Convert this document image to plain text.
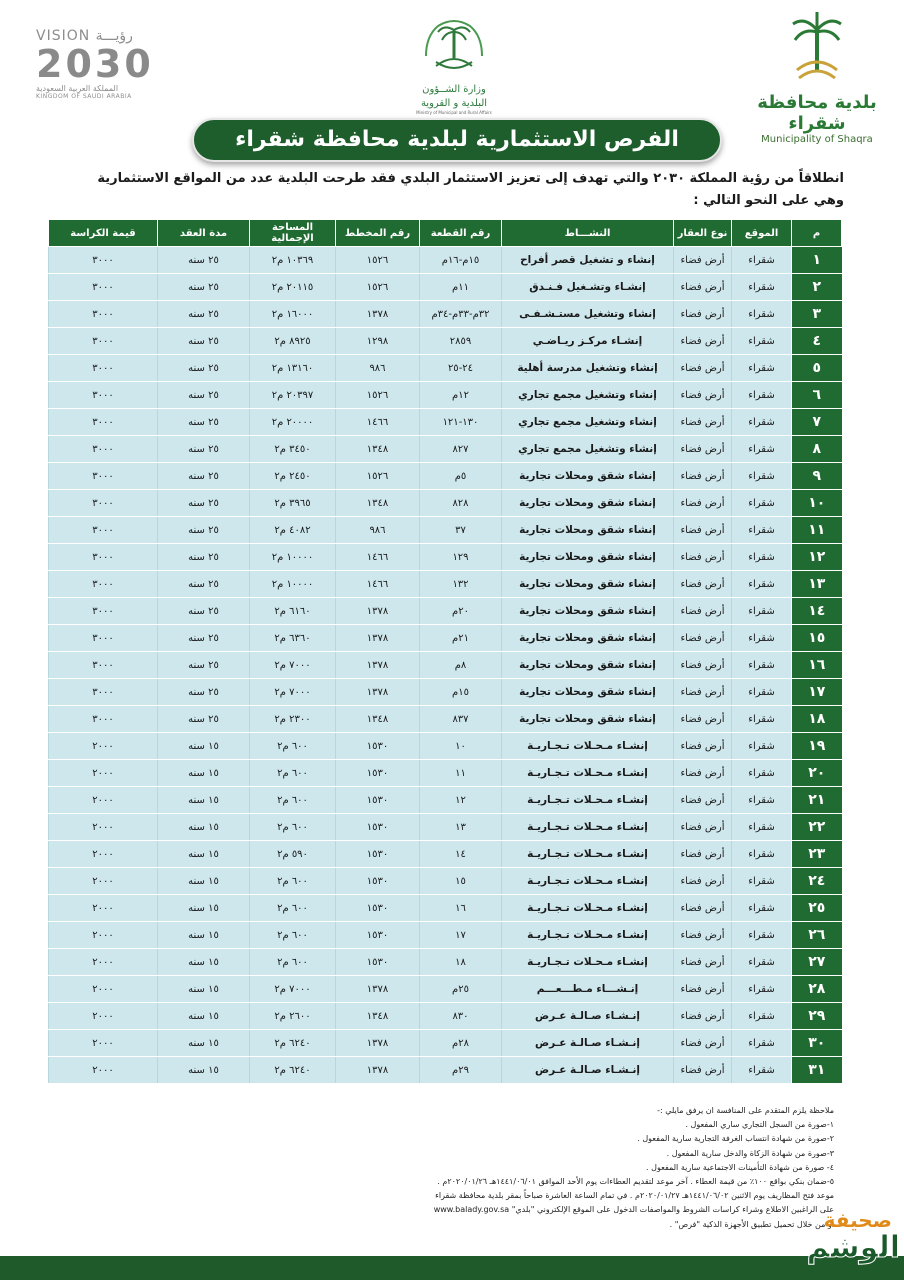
VISION رؤيـــة
2030
المملكة العربية السعودية
KINGDOM OF SAUDI ARABIA
وزارة الشــؤون
البلدية و القروية
Ministry of Municipal and Rural Affairs	بلدية محافظة شقراء
Municipality of Shaqra
الفرص الاستثمارية لبلدية محافظة شقراء
انطلاقاً من رؤية المملكة ٢٠٣٠ والتي تهدف إلى تعزيز الاستثمار البلدي فقد طرحت البلدية عدد من المواقع الاستثمارية
وهي على النحو التالي :
م	الموقع	نوع العقار	النشـــاط	رقم القطعة	رقم المخطط	المساحة الإجمالية	مدة العقد	قيمة الكراسة
١	شقراء	أرض فضاء	إنشاء و تشغيل قصر أفراح	١٥م-١٦م	١٥٢٦	١٠٣٦٩ م٢	٢٥ سنه	٣٠٠٠
٢	شقراء	أرض فضاء	إنشـاء وتشـغيل فـنـدق	١١م	١٥٢٦	٢٠١١٥ م٢	٢٥ سنه	٣٠٠٠
٣	شقراء	أرض فضاء	إنشاء وتشغيل مستـشـفـى	٣٢م-٣٣م-٣٤م	١٣٧٨	١٦٠٠٠ م٢	٢٥ سنه	٣٠٠٠
٤	شقراء	أرض فضاء	إنشـاء مركـز ريـاضـي	٢٨٥٩	١٢٩٨	٨٩٢٥ م٢	٢٥ سنه	٣٠٠٠
٥	شقراء	أرض فضاء	إنشاء وتشغيل مدرسة أهلية	٢٤-٢٥	٩٨٦	١٣١٦٠ م٢	٢٥ سنه	٣٠٠٠
٦	شقراء	أرض فضاء	إنشاء وتشغيل مجمع تجاري	١٢م	١٥٢٦	٢٠٣٩٧ م٢	٢٥ سنه	٣٠٠٠
٧	شقراء	أرض فضاء	إنشاء وتشغيل مجمع تجاري	١٣٠-١٢١	١٤٦٦	٢٠٠٠٠ م٢	٢٥ سنه	٣٠٠٠
٨	شقراء	أرض فضاء	إنشاء وتشغيل مجمع تجاري	٨٢٧	١٣٤٨	٣٤٥٠ م٢	٢٥ سنه	٣٠٠٠
٩	شقراء	أرض فضاء	إنشاء شقق ومحلات تجارية	٥م	١٥٢٦	٢٤٥٠ م٢	٢٥ سنه	٣٠٠٠
١٠	شقراء	أرض فضاء	إنشاء شقق ومحلات تجارية	٨٢٨	١٣٤٨	٣٩٦٥ م٢	٢٥ سنه	٣٠٠٠
١١	شقراء	أرض فضاء	إنشاء شقق ومحلات تجارية	٣٧	٩٨٦	٤٠٨٢ م٢	٢٥ سنه	٣٠٠٠
١٢	شقراء	أرض فضاء	إنشاء شقق ومحلات تجارية	١٢٩	١٤٦٦	١٠٠٠٠ م٢	٢٥ سنه	٣٠٠٠
١٣	شقراء	أرض فضاء	إنشاء شقق ومحلات تجارية	١٣٢	١٤٦٦	١٠٠٠٠ م٢	٢٥ سنه	٣٠٠٠
١٤	شقراء	أرض فضاء	إنشاء شقق ومحلات تجارية	٢٠م	١٣٧٨	٦١٦٠ م٢	٢٥ سنه	٣٠٠٠
١٥	شقراء	أرض فضاء	إنشاء شقق ومحلات تجارية	٢١م	١٣٧٨	٦٣٦٠ م٢	٢٥ سنه	٣٠٠٠
١٦	شقراء	أرض فضاء	إنشاء شقق ومحلات تجارية	٨م	١٣٧٨	٧٠٠٠ م٢	٢٥ سنه	٣٠٠٠
١٧	شقراء	أرض فضاء	إنشاء شقق ومحلات تجارية	١٥م	١٣٧٨	٧٠٠٠ م٢	٢٥ سنه	٣٠٠٠
١٨	شقراء	أرض فضاء	إنشاء شقق ومحلات تجارية	٨٣٧	١٣٤٨	٢٣٠٠ م٢	٢٥ سنه	٣٠٠٠
١٩	شقراء	أرض فضاء	إنشـاء مـحـلات تـجـاريـة	١٠	١٥٣٠	٦٠٠ م٢	١٥ سنه	٢٠٠٠
٢٠	شقراء	أرض فضاء	إنشـاء مـحـلات تـجـاريـة	١١	١٥٣٠	٦٠٠ م٢	١٥ سنه	٢٠٠٠
٢١	شقراء	أرض فضاء	إنشـاء مـحـلات تـجـاريـة	١٢	١٥٣٠	٦٠٠ م٢	١٥ سنه	٢٠٠٠
٢٢	شقراء	أرض فضاء	إنشـاء مـحـلات تـجـاريـة	١٣	١٥٣٠	٦٠٠ م٢	١٥ سنه	٢٠٠٠
٢٣	شقراء	أرض فضاء	إنشـاء مـحـلات تـجـاريـة	١٤	١٥٣٠	٥٩٠ م٢	١٥ سنه	٢٠٠٠
٢٤	شقراء	أرض فضاء	إنشـاء مـحـلات تـجـاريـة	١٥	١٥٣٠	٦٠٠ م٢	١٥ سنه	٢٠٠٠
٢٥	شقراء	أرض فضاء	إنشـاء مـحـلات تـجـاريـة	١٦	١٥٣٠	٦٠٠ م٢	١٥ سنه	٢٠٠٠
٢٦	شقراء	أرض فضاء	إنشـاء مـحـلات تـجـاريـة	١٧	١٥٣٠	٦٠٠ م٢	١٥ سنه	٢٠٠٠
٢٧	شقراء	أرض فضاء	إنشـاء مـحـلات تـجـاريـة	١٨	١٥٣٠	٦٠٠ م٢	١٥ سنه	٢٠٠٠
٢٨	شقراء	أرض فضاء	إنـشـــاء مـطـــعـــم	٢٥م	١٣٧٨	٧٠٠٠ م٢	١٥ سنه	٢٠٠٠
٢٩	شقراء	أرض فضاء	إنـشـاء صـالـة عـرض	٨٣٠	١٣٤٨	٢٦٠٠ م٢	١٥ سنه	٢٠٠٠
٣٠	شقراء	أرض فضاء	إنـشـاء صـالـة عـرض	٢٨م	١٣٧٨	٦٢٤٠ م٢	١٥ سنه	٢٠٠٠
٣١	شقراء	أرض فضاء	إنـشـاء صـالـة عـرض	٢٩م	١٣٧٨	٦٢٤٠ م٢	١٥ سنه	٢٠٠٠
ملاحظة يلزم المتقدم على المنافسة ان يرفق مايلي :-
١-صورة من السجل التجاري ساري المفعول .
٢-صورة من شهادة انتساب الغرفة التجارية سارية المفعول .
٣-صورة من شهادة الزكاة والدخل سارية المفعول .
٤- صورة من شهادة التأمينات الاجتماعية سارية المفعول .
٥-ضمان بنكي بواقع ١٠٠٪ من قيمة العطاء . آخر موعد لتقديم العطاءات يوم الأحد الموافق ١٤٤١/٠٦/٠١هـ ٢٠٢٠/٠١/٢٦م .
موعد فتح المظاريف يوم الاثنين ١٤٤١/٠٦/٠٢هـ ٢٠٢٠/٠١/٢٧م . في تمام الساعة العاشرة صباحاً بمقر بلدية محافظة شقراء
على الراغبين الاطلاع وشراء كراسات الشروط والمواصفات الدخول على الموقع الإلكتروني "بلدي" www.balady.gov.sa
أو من خلال تحميل تطبيق الأجهزة الذكية "فرص" .
صحيفة
الوشم
